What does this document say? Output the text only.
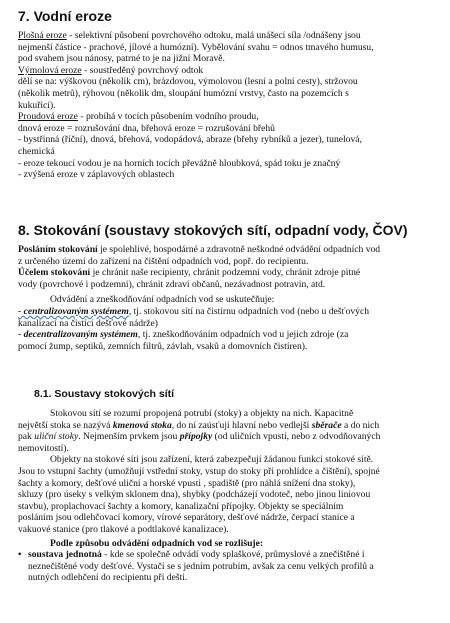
7. Vodní eroze
Plošná eroze - selektivní působení povrchového odtoku, malá unášecí síla /odnášeny jsou
nejmenší částice - prachové, jílové a humózní). Vybělování svahu = odnos tmavého humusu,
pod svahem jsou nánosy, patrné to je na jižní Moravě.
Výmolová eroze - soustředěný povrchový odtok
dělí se na: výškovou (několik cm), brázdovou, výmolovou (lesní a polní cesty), stržovou
(několik metrů), rýhovou (několik dm, sloupání humózní vrstvy, často na pozemcích s
kukuřicí).
Proudová eroze - probíhá v tocích působením vodního proudu,
dnová eroze = rozrušování dna, břehová eroze = rozrušování břehů
- bystřinná (říční), dnová, břehová, vodopádová, abraze (břehy rybníků a jezer), tunelová,
chemická
- eroze tekoucí vodou je na horních tocích převážně hloubková, spád toku je značný
- zvýšená eroze v záplavových oblastech
8. Stokování (soustavy stokových sítí, odpadní vody, ČOV)
Posláním stokování je spolehlivé, hospodárné a zdravotně neškodné odvádění odpadních vod
z určeného území do zařízení na čištění odpadních vod, popř. do recipientu.
Účelem stokování je chránit naše recipienty, chránit podzemní vody, chránit zdroje pitné
vody (povrchové i podzemní), chránit zdraví občanů, nezávadnost potravin, atd.
Odvádění a zneškodňování odpadních vod se uskutečňuje:
- centralizovaným systémem, tj. stokovou sítí na čistírnu odpadních vod (nebo u dešťových
kanalizací na čistící dešťové nádrže)
- decentralizovaným systémem, tj. zneškodňováním odpadních vod u jejich zdroje (za
pomocí žump, septiků, zemních filtrů, závlah, vsaků a domovních čistíren).
8.1. Soustavy stokových sítí
Stokovou sítí se rozumí propojená potrubí (stoky) a objekty na nich. Kapacitně
největší stoka se nazývá kmenová stoka, do ní zaúsťují hlavní nebo vedlejší sběrače a do nich
pak uliční stoky. Nejmenším prvkem jsou přípojky (od uličních vpustí, nebo z odvodňovaných
nemovitostí).
Objekty na stokové síti jsou zařízení, která zabezpečují žádanou funkci stokové sítě.
Jsou to vstupní šachty (umožňují vstřední stoky, vstup do stoky při prohlídce a čištění), spojné
šachty a komory, dešťové uliční a horské vpusti , spadiště (pro náhlá snížení dna stoky),
skluzy (pro úseky s velkým sklonem dna), shybky (podcházejí vodoteč, nebo jinou liniovou
stavbu), proplachovací šachty a komory, kanalizační přípojky. Objekty se speciálním
posláním jsou odlehčovací komory, vírové separátory, dešťové nádrže, čerpací stanice a
vakuové stanice (pro tlakové a podtlakové kanalizace).
Podle způsobu odvádění odpadních vod se rozlišuje:
• soustava jednotná - kde se společně odvádí vody splaškové, průmyslové a znečištěné i
neznečištěné vody dešťové. Vystačí se s jedním potrubím, avšak za cenu velkých profilů a
nutných odlehčení do recipientu při dešti.
